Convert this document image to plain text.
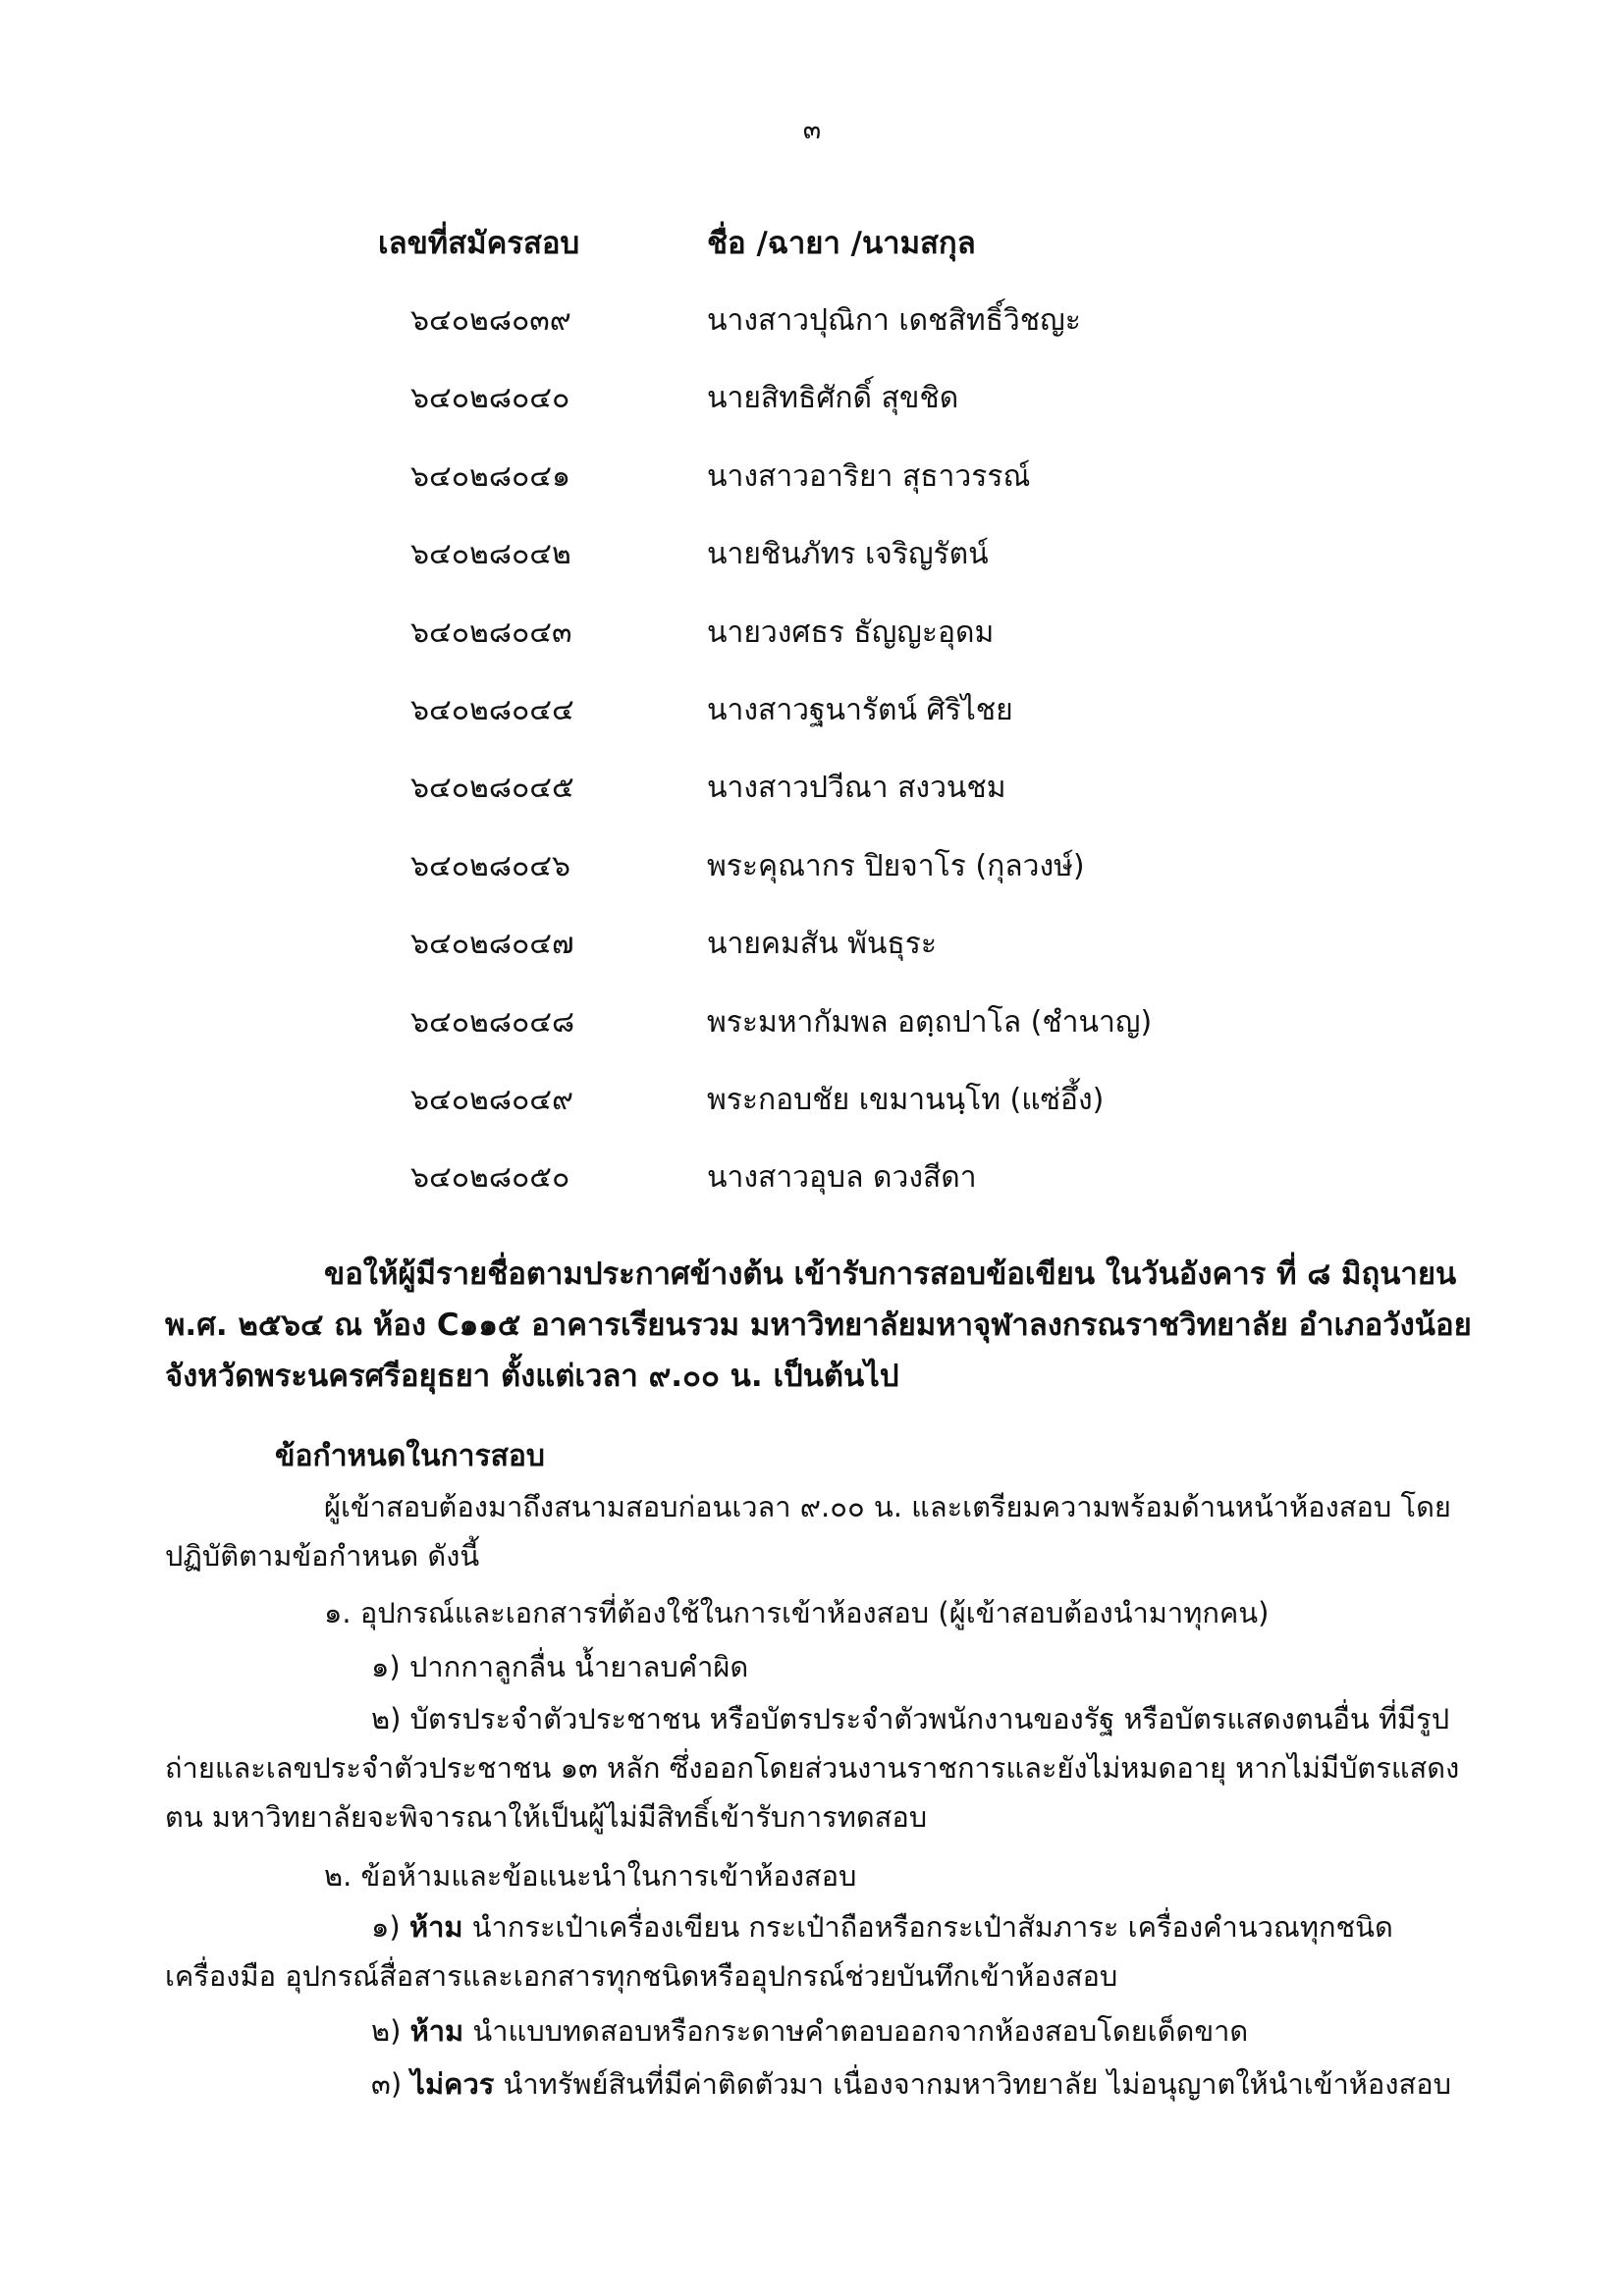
๓
เลขที่สมัครสอบ	ชื่อ /ฉายา /นามสกุล
๖๔๐๒๘๐๓๙	นางสาวปุณิกา เดชสิทธิ์วิชญะ
๖๔๐๒๘๐๔๐	นายสิทธิศักดิ์ สุขชิด
๖๔๐๒๘๐๔๑	นางสาวอาริยา สุธาวรรณ์
๖๔๐๒๘๐๔๒	นายชินภัทร เจริญรัตน์
๖๔๐๒๘๐๔๓	นายวงศธร ธัญญะอุดม
๖๔๐๒๘๐๔๔	นางสาวฐนารัตน์ ศิริไชย
๖๔๐๒๘๐๔๕	นางสาวปวีณา สงวนชม
๖๔๐๒๘๐๔๖	พระคุณากร ปิยจาโร (กุลวงษ์)
๖๔๐๒๘๐๔๗	นายคมสัน พันธุระ
๖๔๐๒๘๐๔๘	พระมหากัมพล อตฺถปาโล (ชำนาญ)
๖๔๐๒๘๐๔๙	พระกอบชัย เขมานนฺโท (แซ่อึ้ง)
๖๔๐๒๘๐๕๐	นางสาวอุบล ดวงสีดา
ขอให้ผู้มีรายชื่อตามประกาศข้างต้น เข้ารับการสอบข้อเขียน ในวันอังคาร ที่ ๘ มิถุนายน พ.ศ. ๒๕๖๔ ณ ห้อง C๑๑๕ อาคารเรียนรวม มหาวิทยาลัยมหาจุฬาลงกรณราชวิทยาลัย อำเภอวังน้อย จังหวัดพระนครศรีอยุธยา ตั้งแต่เวลา ๙.๐๐ น. เป็นต้นไป
ข้อกำหนดในการสอบ
ผู้เข้าสอบต้องมาถึงสนามสอบก่อนเวลา ๙.๐๐ น. และเตรียมความพร้อมด้านหน้าห้องสอบ โดยปฏิบัติตามข้อกำหนด ดังนี้
๑. อุปกรณ์และเอกสารที่ต้องใช้ในการเข้าห้องสอบ (ผู้เข้าสอบต้องนำมาทุกคน)
๑) ปากกาลูกลื่น น้ำยาลบคำผิด
๒) บัตรประจำตัวประชาชน หรือบัตรประจำตัวพนักงานของรัฐ หรือบัตรแสดงตนอื่น ที่มีรูปถ่ายและเลขประจำตัวประชาชน ๑๓ หลัก ซึ่งออกโดยส่วนงานราชการและยังไม่หมดอายุ หากไม่มีบัตรแสดงตน มหาวิทยาลัยจะพิจารณาให้เป็นผู้ไม่มีสิทธิ์เข้ารับการทดสอบ
๒. ข้อห้ามและข้อแนะนำในการเข้าห้องสอบ
๑) ห้าม นำกระเป๋าเครื่องเขียน กระเป๋าถือหรือกระเป๋าสัมภาระ เครื่องคำนวณทุกชนิด เครื่องมือ อุปกรณ์สื่อสารและเอกสารทุกชนิดหรืออุปกรณ์ช่วยบันทึกเข้าห้องสอบ
๒) ห้าม นำแบบทดสอบหรือกระดาษคำตอบออกจากห้องสอบโดยเด็ดขาด
๓) ไม่ควร นำทรัพย์สินที่มีค่าติดตัวมา เนื่องจากมหาวิทยาลัย ไม่อนุญาตให้นำเข้าห้องสอบ
